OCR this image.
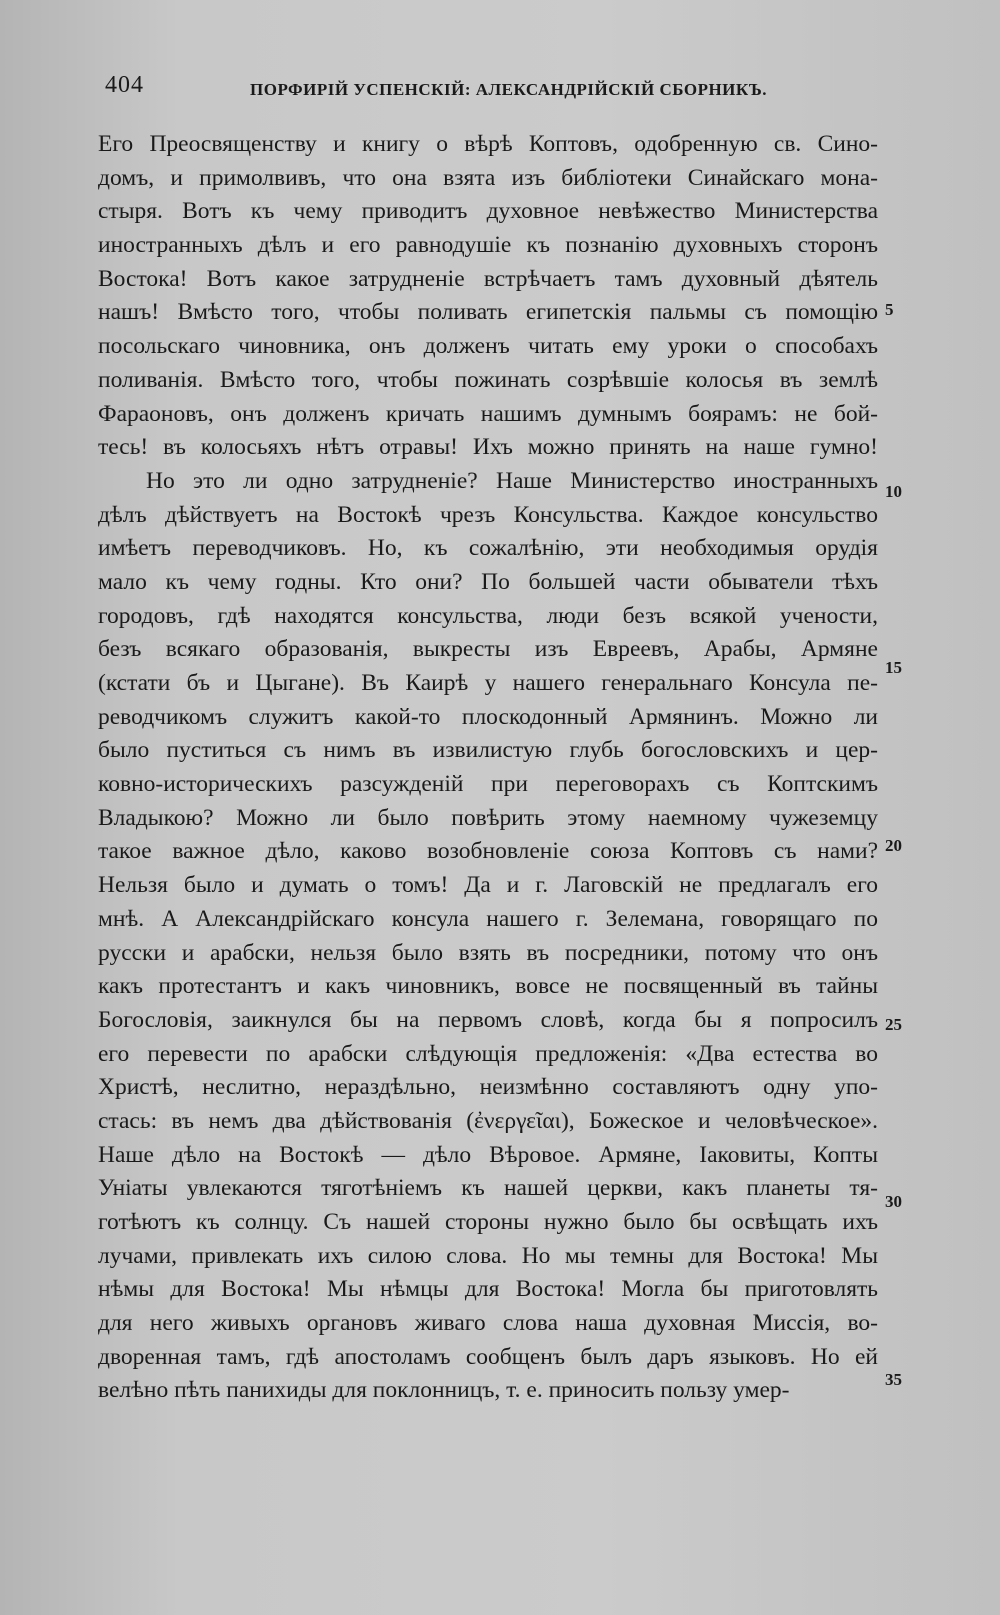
404	ПОРФИРІЙ УСПЕНСКІЙ: АЛЕКСАНДРІЙСКІЙ СБОРНИКЪ.
Его Преосвященству и книгу о вѣрѣ Коптовъ, одобренную св. Сино-
домъ, и примолвивъ, что она взята изъ библіотеки Синайскаго мона-
стыря. Вотъ къ чему приводитъ духовное невѣжество Министерства
иностранныхъ дѣлъ и его равнодушіе къ познанію духовныхъ сторонъ
Востока! Вотъ какое затрудненіе встрѣчаетъ тамъ духовный дѣятель
нашъ! Вмѣсто того, чтобы поливать египетскія пальмы съ помощію
посольскаго чиновника, онъ долженъ читать ему уроки о способахъ
поливанія. Вмѣсто того, чтобы пожинать созрѣвшіе колосья въ землѣ
Фараоновъ, онъ долженъ кричать нашимъ думнымъ боярамъ: не бой-
тесь! въ колосьяхъ нѣтъ отравы! Ихъ можно принять на наше гумно!
Но это ли одно затрудненіе? Наше Министерство иностранныхъ
дѣлъ дѣйствуетъ на Востокѣ чрезъ Консульства. Каждое консульство
имѣетъ переводчиковъ. Но, къ сожалѣнію, эти необходимыя орудія
мало къ чему годны. Кто они? По большей части обыватели тѣхъ
городовъ, гдѣ находятся консульства, люди безъ всякой учености,
безъ всякаго образованія, выкресты изъ Евреевъ, Арабы, Армяне
(кстати бъ и Цыгане). Въ Каирѣ у нашего генеральнаго Консула пе-
реводчикомъ служитъ какой-то плоскодонный Армянинъ. Можно ли
было пуститься съ нимъ въ извилистую глубь богословскихъ и цер-
ковно-историческихъ разсужденій при переговорахъ съ Коптскимъ
Владыкою? Можно ли было повѣрить этому наемному чужеземцу
такое важное дѣло, каково возобновленіе союза Коптовъ съ нами?
Нельзя было и думать о томъ! Да и г. Лаговскій не предлагалъ его
мнѣ. А Александрійскаго консула нашего г. Зелемана, говорящаго по
русски и арабски, нельзя было взять въ посредники, потому что онъ
какъ протестантъ и какъ чиновникъ, вовсе не посвященный въ тайны
Богословія, заикнулся бы на первомъ словѣ, когда бы я попросилъ
его перевести по арабски слѣдующія предложенія: «Два естества во
Христѣ, неслитно, нераздѣльно, неизмѣнно составляютъ одну упо-
стась: въ немъ два дѣйствованія (ἐνεργεῖαι), Божеское и человѣческое».
Наше дѣло на Востокѣ — дѣло Вѣровое. Армяне, Іаковиты, Копты
Уніаты увлекаются тяготѣніемъ къ нашей церкви, какъ планеты тя-
готѣютъ къ солнцу. Съ нашей стороны нужно было бы освѣщать ихъ
лучами, привлекать ихъ силою слова. Но мы темны для Востока! Мы
нѣмы для Востока! Мы нѣмцы для Востока! Могла бы приготовлять
для него живыхъ органовъ живаго слова наша духовная Миссія, во-
дворенная тамъ, гдѣ апостоламъ сообщенъ былъ даръ языковъ. Но ей
велѣно пѣть панихиды для поклонницъ, т. е. приносить пользу умер-
5
10
15
20
25
30
35
